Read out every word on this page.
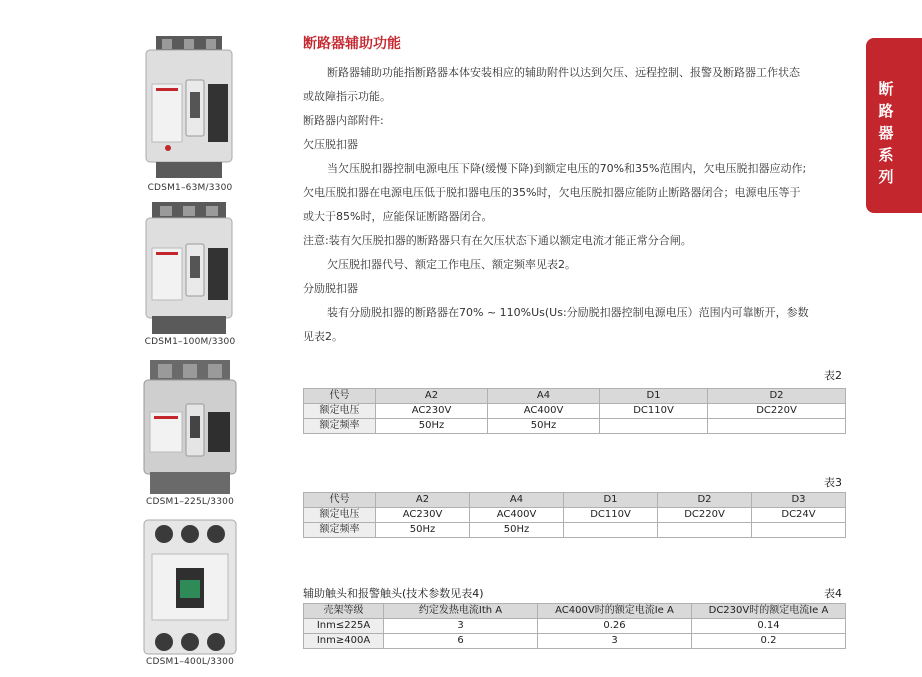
CDSM1–63M/3300
CDSM1–100M/3300
CDSM1–225L/3300
CDSM1–400L/3300
断
路
器
系
列
断路器辅助功能
断路器辅助功能指断路器本体安装相应的辅助附件以达到欠压、远程控制、报警及断路器工作状态
或故障指示功能。
断路器内部附件:
欠压脱扣器
当欠压脱扣器控制电源电压下降(缓慢下降)到额定电压的70%和35%范围内，欠电压脱扣器应动作;
欠电压脱扣器在电源电压低于脱扣器电压的35%时，欠电压脱扣器应能防止断路器闭合；电源电压等于
或大于85%时，应能保证断路器闭合。
注意:装有欠压脱扣器的断路器只有在欠压状态下通以额定电流才能正常分合闸。
欠压脱扣器代号、额定工作电压、额定频率见表2。
分励脱扣器
装有分励脱扣器的断路器在70% ~ 110%Us(Us:分励脱扣器控制电源电压）范围内可靠断开，参数
见表2。
表2
代号	A2	A4	D1	D2
额定电压	AC230V	AC400V	DC110V	DC220V
额定频率	50Hz	50Hz		
表3
代号	A2	A4	D1	D2	D3
额定电压	AC230V	AC400V	DC110V	DC220V	DC24V
额定频率	50Hz	50Hz			
辅助触头和报警触头(技术参数见表4)	表4
壳架等级	约定发热电流Ith A	AC400V时的额定电流Ie A	DC230V时的额定电流Ie A
Inm≤225A	3	0.26	0.14
Inm≥400A	6	3	0.2
